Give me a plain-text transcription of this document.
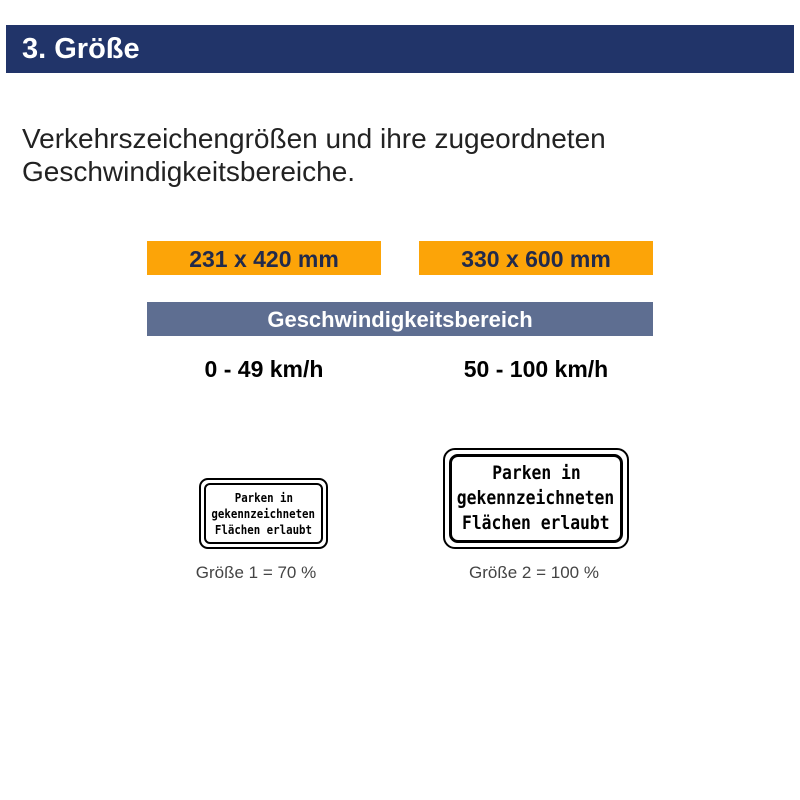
3. Größe
Verkehrszeichengrößen und ihre zugeordneten Geschwindigkeitsbereiche.
231 x 420 mm	330 x 600 mm
Geschwindigkeitsbereich
0 - 49 km/h	50 - 100 km/h
Parken in
gekennzeichneten
Flächen erlaubt
Parken in
gekennzeichneten
Flächen erlaubt
Größe 1 = 70 %	Größe 2 = 100 %
